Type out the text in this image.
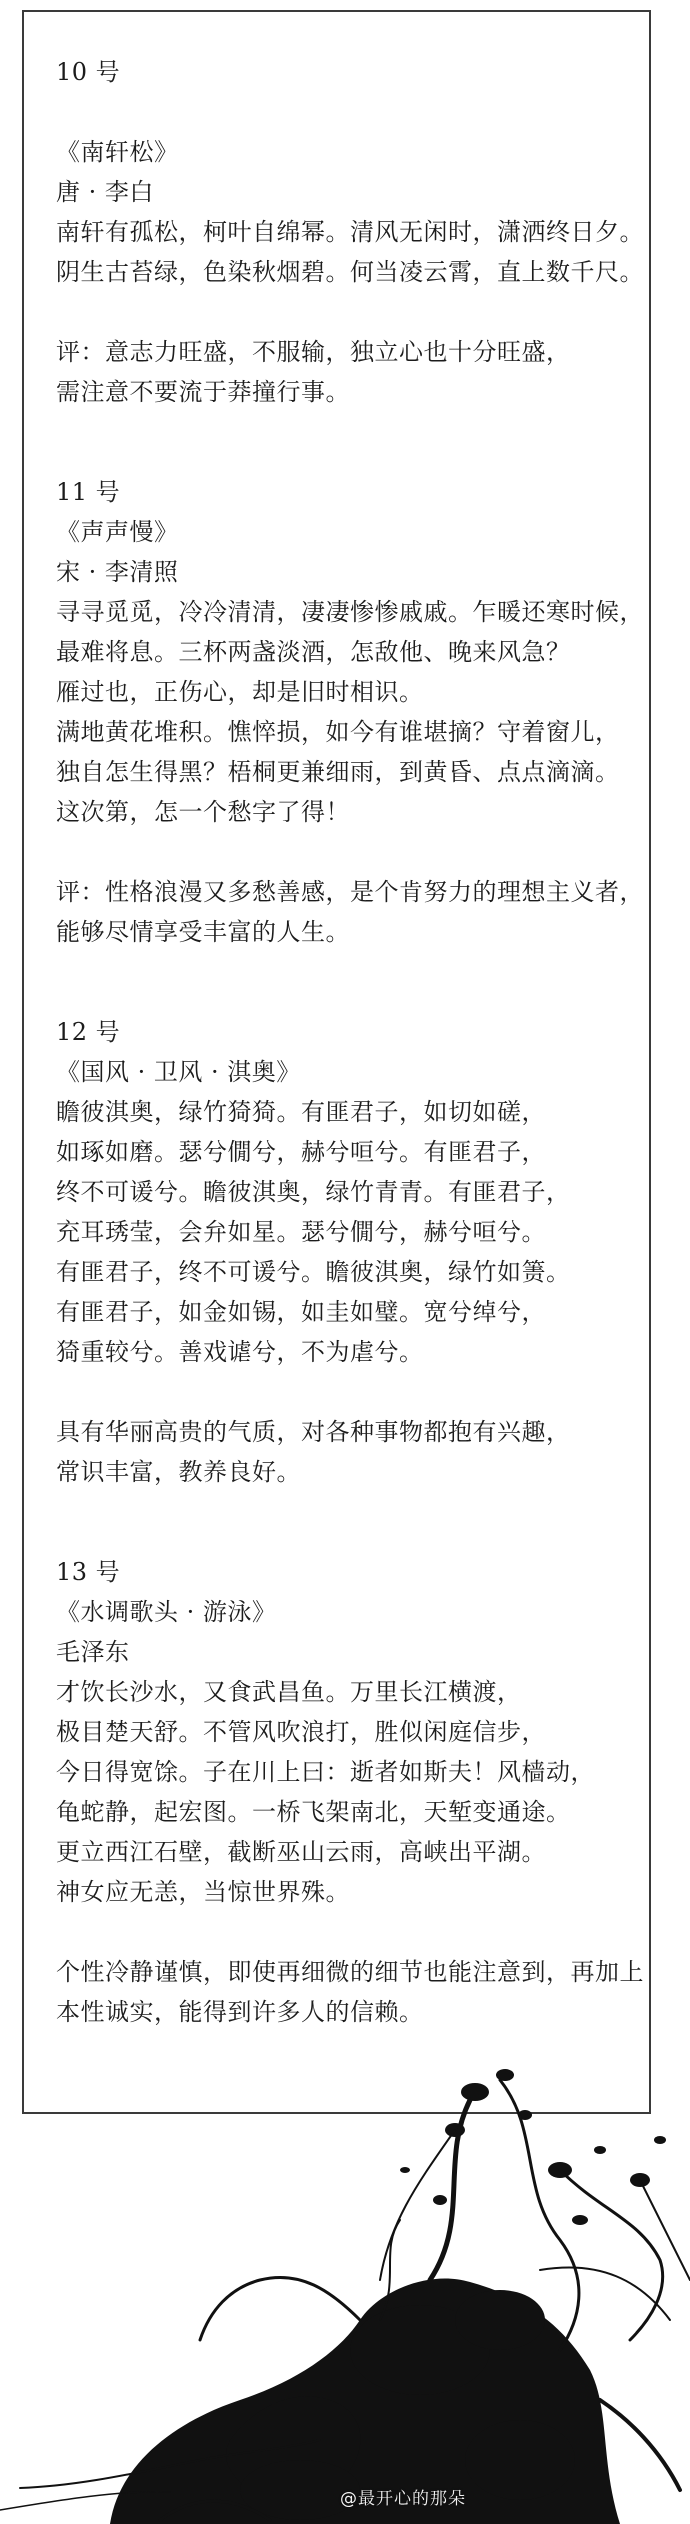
10 号
《南轩松》
唐 · 李白
南轩有孤松，柯叶自绵幂。清风无闲时，潇洒终日夕。
阴生古苔绿，色染秋烟碧。何当凌云霄，直上数千尺。
评：意志力旺盛，不服输，独立心也十分旺盛，
需注意不要流于莽撞行事。
11 号
《声声慢》
宋 · 李清照
寻寻觅觅，冷冷清清，凄凄惨惨戚戚。乍暖还寒时候，
最难将息。三杯两盏淡酒，怎敌他、晚来风急？
雁过也，正伤心，却是旧时相识。
满地黄花堆积。憔悴损，如今有谁堪摘？守着窗儿，
独自怎生得黑？梧桐更兼细雨，到黄昏、点点滴滴。
这次第，怎一个愁字了得！
评：性格浪漫又多愁善感，是个肯努力的理想主义者，
能够尽情享受丰富的人生。
12 号
《国风 · 卫风 · 淇奥》
瞻彼淇奥，绿竹猗猗。有匪君子，如切如磋，
如琢如磨。瑟兮僩兮，赫兮咺兮。有匪君子，
终不可谖兮。瞻彼淇奥，绿竹青青。有匪君子，
充耳琇莹，会弁如星。瑟兮僩兮，赫兮咺兮。
有匪君子，终不可谖兮。瞻彼淇奥，绿竹如箦。
有匪君子，如金如锡，如圭如璧。宽兮绰兮，
猗重较兮。善戏谑兮，不为虐兮。
具有华丽高贵的气质，对各种事物都抱有兴趣，
常识丰富，教养良好。
13 号
《水调歌头 · 游泳》
毛泽东
才饮长沙水，又食武昌鱼。万里长江横渡，
极目楚天舒。不管风吹浪打，胜似闲庭信步，
今日得宽馀。子在川上曰：逝者如斯夫！风樯动，
龟蛇静，起宏图。一桥飞架南北，天堑变通途。
更立西江石壁，截断巫山云雨，高峡出平湖。
神女应无恙，当惊世界殊。
个性冷静谨慎，即使再细微的细节也能注意到，再加上
本性诚实，能得到许多人的信赖。
@最开心的那朵
